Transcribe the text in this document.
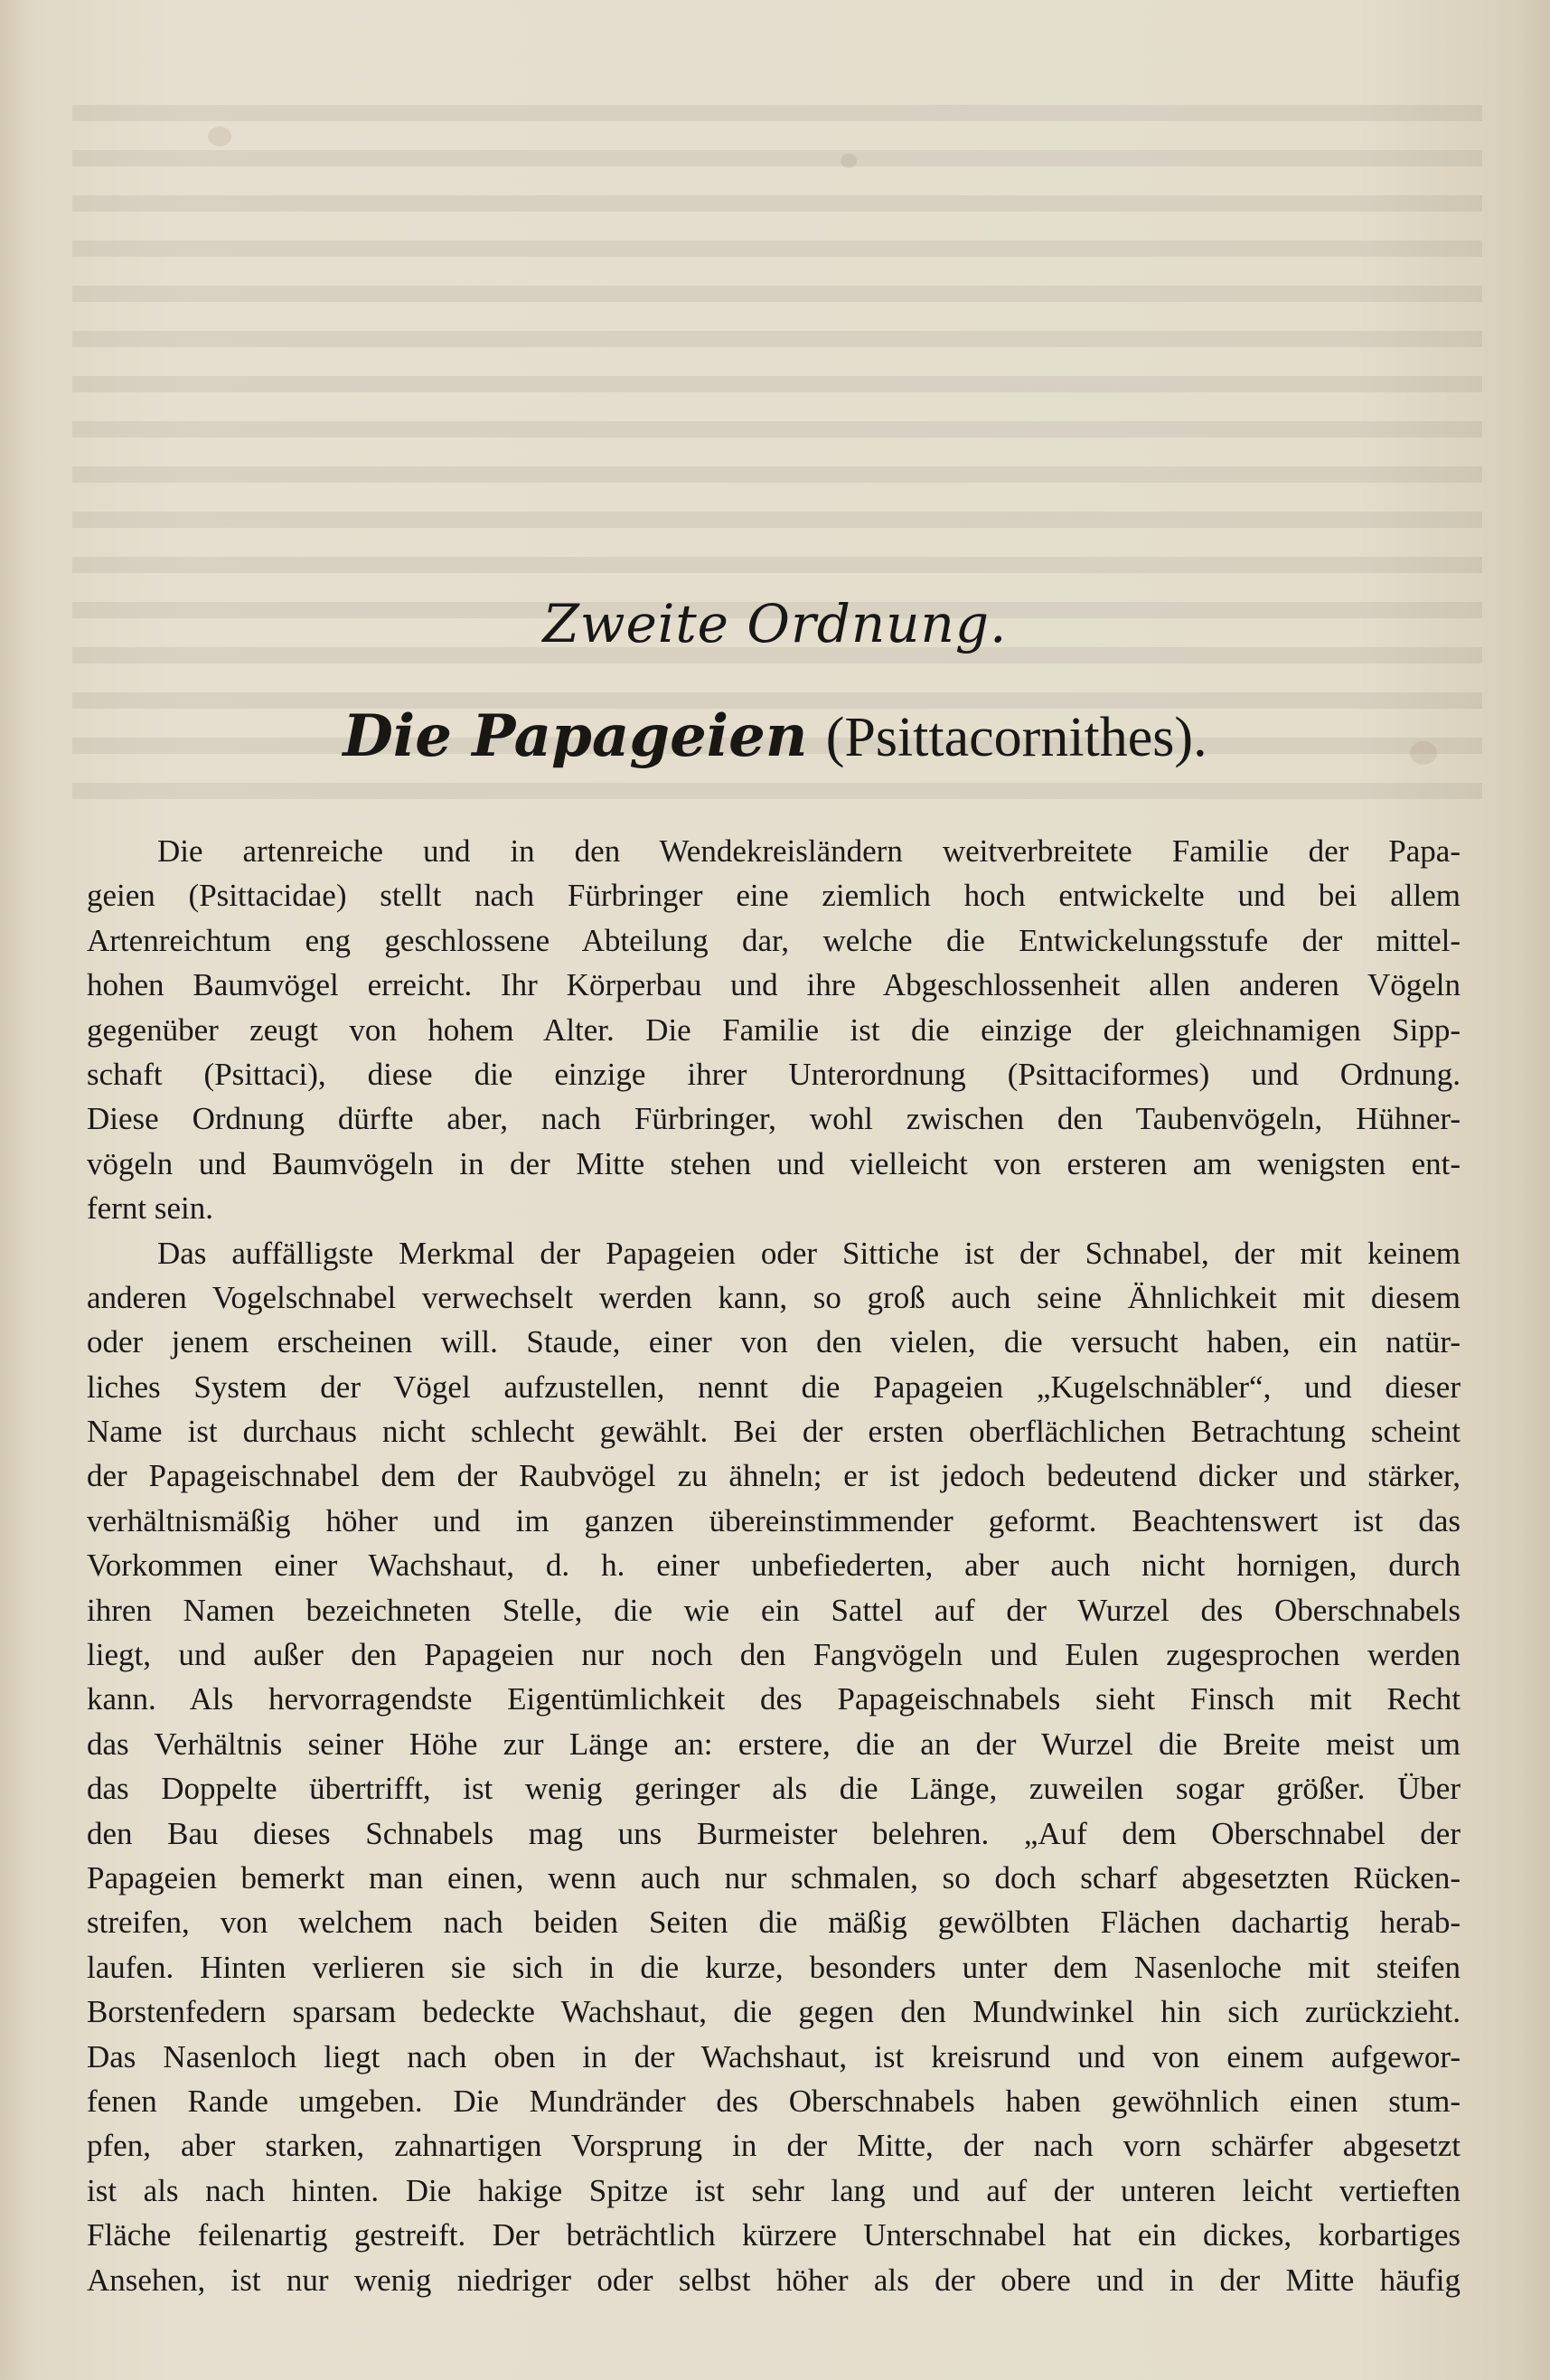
Zweite Ordnung.
Die Papageien (Psittacornithes).
Die artenreiche und in den Wendekreisländern weitverbreitete Familie der Papa-
geien (Psittacidae) stellt nach Fürbringer eine ziemlich hoch entwickelte und bei allem
Artenreichtum eng geschlossene Abteilung dar, welche die Entwickelungsstufe der mittel-
hohen Baumvögel erreicht. Ihr Körperbau und ihre Abgeschlossenheit allen anderen Vögeln
gegenüber zeugt von hohem Alter. Die Familie ist die einzige der gleichnamigen Sipp-
schaft (Psittaci), diese die einzige ihrer Unterordnung (Psittaciformes) und Ordnung.
Diese Ordnung dürfte aber, nach Fürbringer, wohl zwischen den Taubenvögeln, Hühner-
vögeln und Baumvögeln in der Mitte stehen und vielleicht von ersteren am wenigsten ent-
fernt sein.
Das auffälligste Merkmal der Papageien oder Sittiche ist der Schnabel, der mit keinem
anderen Vogelschnabel verwechselt werden kann, so groß auch seine Ähnlichkeit mit diesem
oder jenem erscheinen will. Staude, einer von den vielen, die versucht haben, ein natür-
liches System der Vögel aufzustellen, nennt die Papageien „Kugelschnäbler“, und dieser
Name ist durchaus nicht schlecht gewählt. Bei der ersten oberflächlichen Betrachtung scheint
der Papageischnabel dem der Raubvögel zu ähneln; er ist jedoch bedeutend dicker und stärker,
verhältnismäßig höher und im ganzen übereinstimmender geformt. Beachtenswert ist das
Vorkommen einer Wachshaut, d. h. einer unbefiederten, aber auch nicht hornigen, durch
ihren Namen bezeichneten Stelle, die wie ein Sattel auf der Wurzel des Oberschnabels
liegt, und außer den Papageien nur noch den Fangvögeln und Eulen zugesprochen werden
kann. Als hervorragendste Eigentümlichkeit des Papageischnabels sieht Finsch mit Recht
das Verhältnis seiner Höhe zur Länge an: erstere, die an der Wurzel die Breite meist um
das Doppelte übertrifft, ist wenig geringer als die Länge, zuweilen sogar größer. Über
den Bau dieses Schnabels mag uns Burmeister belehren. „Auf dem Oberschnabel der
Papageien bemerkt man einen, wenn auch nur schmalen, so doch scharf abgesetzten Rücken-
streifen, von welchem nach beiden Seiten die mäßig gewölbten Flächen dachartig herab-
laufen. Hinten verlieren sie sich in die kurze, besonders unter dem Nasenloche mit steifen
Borstenfedern sparsam bedeckte Wachshaut, die gegen den Mundwinkel hin sich zurückzieht.
Das Nasenloch liegt nach oben in der Wachshaut, ist kreisrund und von einem aufgewor-
fenen Rande umgeben. Die Mundränder des Oberschnabels haben gewöhnlich einen stum-
pfen, aber starken, zahnartigen Vorsprung in der Mitte, der nach vorn schärfer abgesetzt
ist als nach hinten. Die hakige Spitze ist sehr lang und auf der unteren leicht vertieften
Fläche feilenartig gestreift. Der beträchtlich kürzere Unterschnabel hat ein dickes, korbartiges
Ansehen, ist nur wenig niedriger oder selbst höher als der obere und in der Mitte häufig
